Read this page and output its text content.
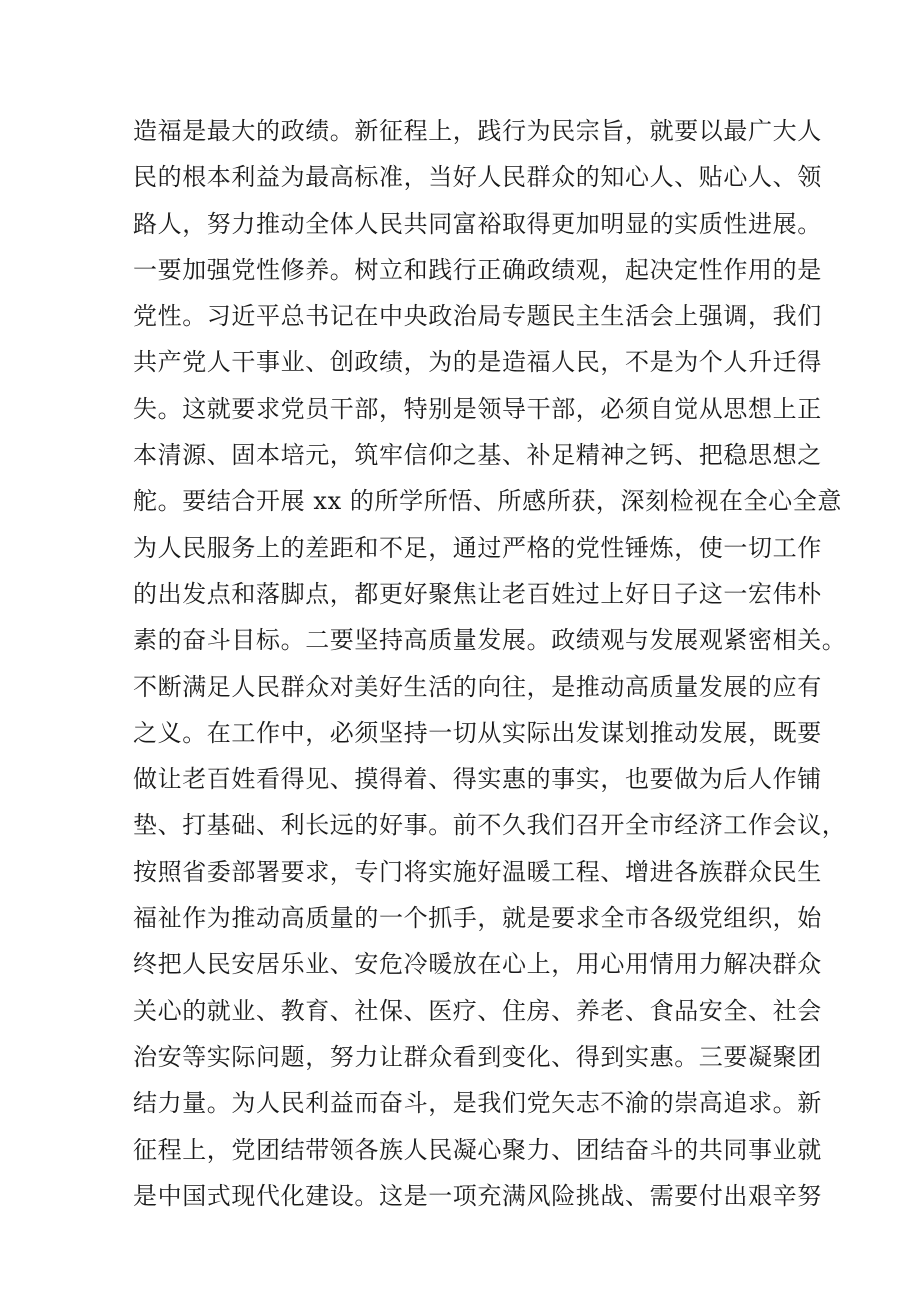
造福是最大的政绩。新征程上，践行为民宗旨，就要以最广大人
民的根本利益为最高标准，当好人民群众的知心人、贴心人、领
路人，努力推动全体人民共同富裕取得更加明显的实质性进展。
一要加强党性修养。树立和践行正确政绩观，起决定性作用的是
党性。习近平总书记在中央政治局专题民主生活会上强调，我们
共产党人干事业、创政绩，为的是造福人民，不是为个人升迁得
失。这就要求党员干部，特别是领导干部，必须自觉从思想上正
本清源、固本培元，筑牢信仰之基、补足精神之钙、把稳思想之
舵。要结合开展 xx 的所学所悟、所感所获，深刻检视在全心全意
为人民服务上的差距和不足，通过严格的党性锤炼，使一切工作
的出发点和落脚点，都更好聚焦让老百姓过上好日子这一宏伟朴
素的奋斗目标。二要坚持高质量发展。政绩观与发展观紧密相关。
不断满足人民群众对美好生活的向往，是推动高质量发展的应有
之义。在工作中，必须坚持一切从实际出发谋划推动发展，既要
做让老百姓看得见、摸得着、得实惠的事实，也要做为后人作铺
垫、打基础、利长远的好事。前不久我们召开全市经济工作会议，
按照省委部署要求，专门将实施好温暖工程、增进各族群众民生
福祉作为推动高质量的一个抓手，就是要求全市各级党组织，始
终把人民安居乐业、安危冷暖放在心上，用心用情用力解决群众
关心的就业、教育、社保、医疗、住房、养老、食品安全、社会
治安等实际问题，努力让群众看到变化、得到实惠。三要凝聚团
结力量。为人民利益而奋斗，是我们党矢志不渝的崇高追求。新
征程上，党团结带领各族人民凝心聚力、团结奋斗的共同事业就
是中国式现代化建设。这是一项充满风险挑战、需要付出艰辛努
